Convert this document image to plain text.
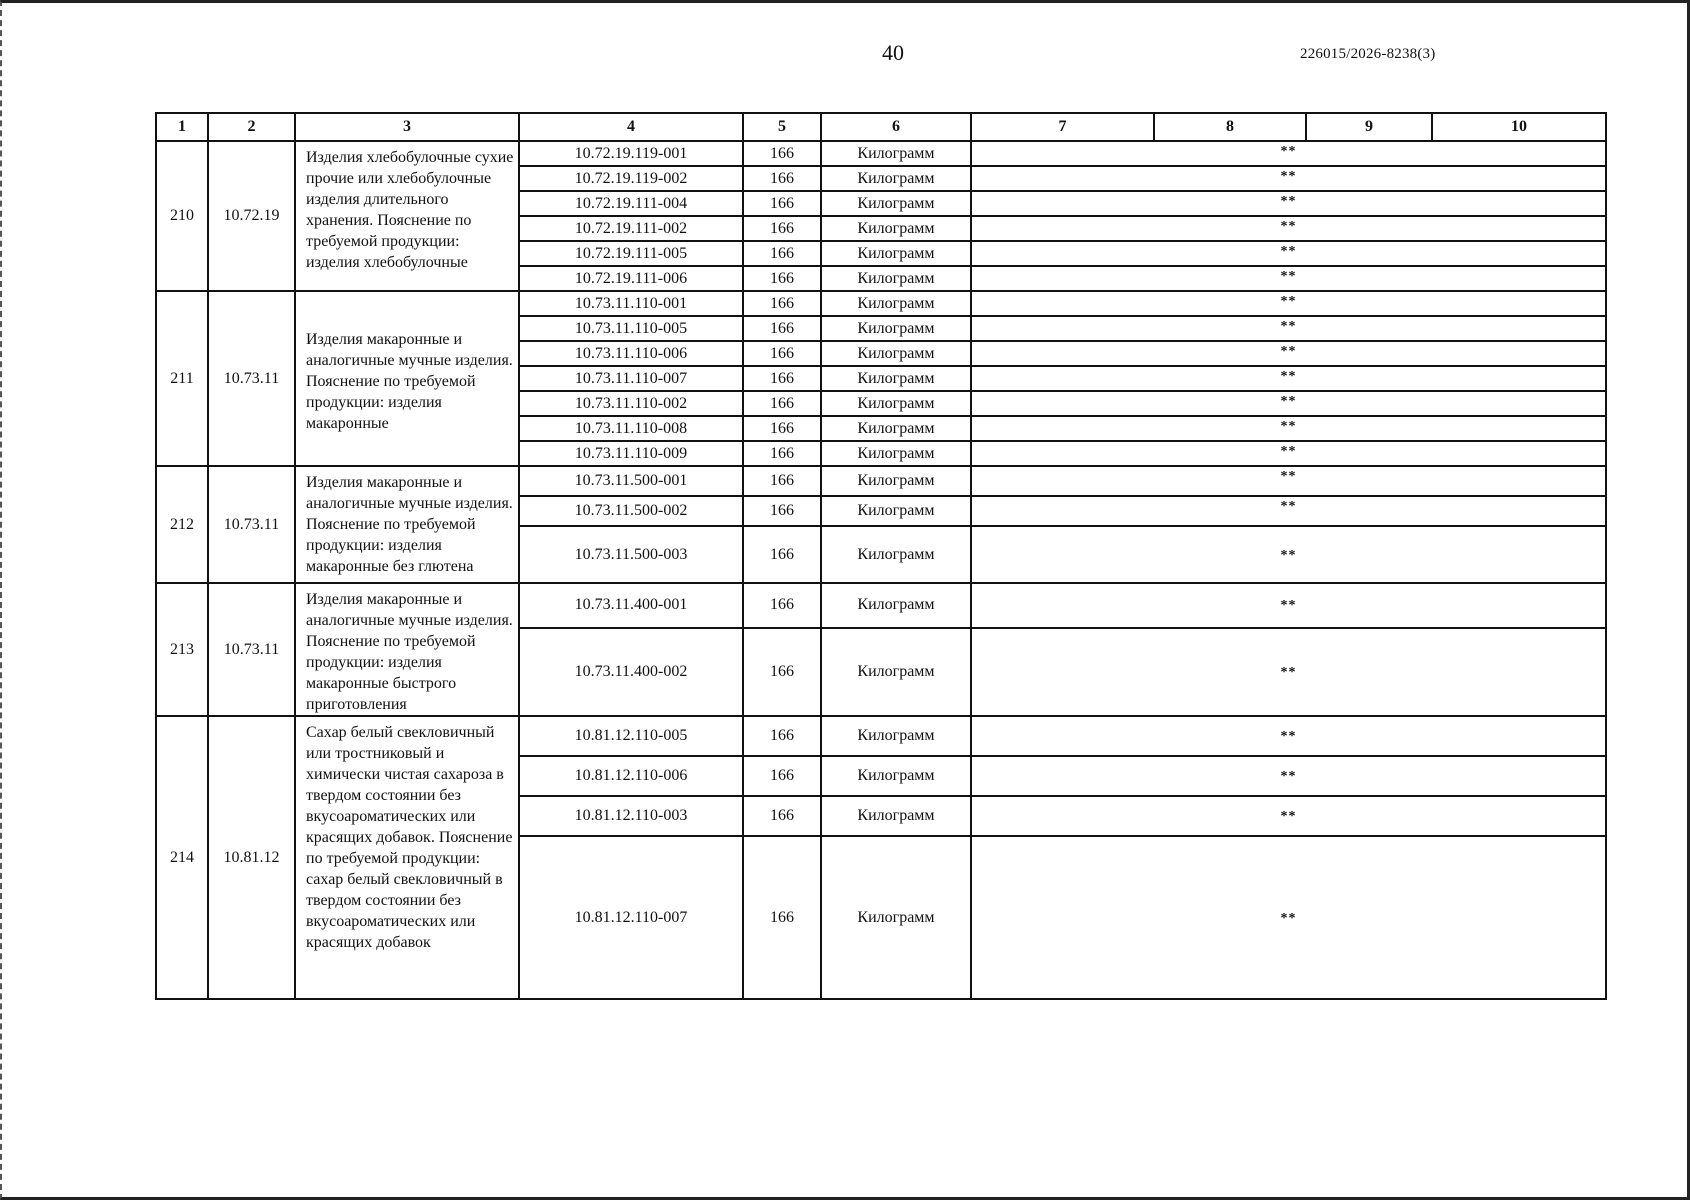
40	226015/2026-8238(3)
1	2	3	4	5	6	7	8	9	10
210	10.72.19	Изделия хлебобулочные сухие прочие или хлебобулочные изделия длительного хранения. Пояснение по требуемой продукции: изделия хлебобулочные	10.72.19.119-001	166	Килограмм	**			
			10.72.19.119-002	166	Килограмм	**			
			10.72.19.111-004	166	Килограмм	**			
			10.72.19.111-002	166	Килограмм	**			
			10.72.19.111-005	166	Килограмм	**			
			10.72.19.111-006	166	Килограмм	**			
211	10.73.11	Изделия макаронные и аналогичные мучные изделия. Пояснение по требуемой продукции: изделия макаронные	10.73.11.110-001	166	Килограмм	**			
			10.73.11.110-005	166	Килограмм	**			
			10.73.11.110-006	166	Килограмм	**			
			10.73.11.110-007	166	Килограмм	**			
			10.73.11.110-002	166	Килограмм	**			
			10.73.11.110-008	166	Килограмм	**			
			10.73.11.110-009	166	Килограмм	**			
212	10.73.11	Изделия макаронные и аналогичные мучные изделия. Пояснение по требуемой продукции: изделия макаронные без глютена	10.73.11.500-001	166	Килограмм	**			
			10.73.11.500-002	166	Килограмм	**			
			10.73.11.500-003	166	Килограмм	**			
213	10.73.11	Изделия макаронные и аналогичные мучные изделия. Пояснение по требуемой продукции: изделия макаронные быстрого приготовления	10.73.11.400-001	166	Килограмм	**			
			10.73.11.400-002	166	Килограмм	**			
214	10.81.12	Сахар белый свекловичный или тростниковый и химически чистая сахароза в твердом состоянии без вкусоароматических или красящих добавок. Пояснение по требуемой продукции: сахар белый свекловичный в твердом состоянии без вкусоароматических или красящих добавок	10.81.12.110-005	166	Килограмм	**			
			10.81.12.110-006	166	Килограмм	**			
			10.81.12.110-003	166	Килограмм	**			
			10.81.12.110-007	166	Килограмм	**			
